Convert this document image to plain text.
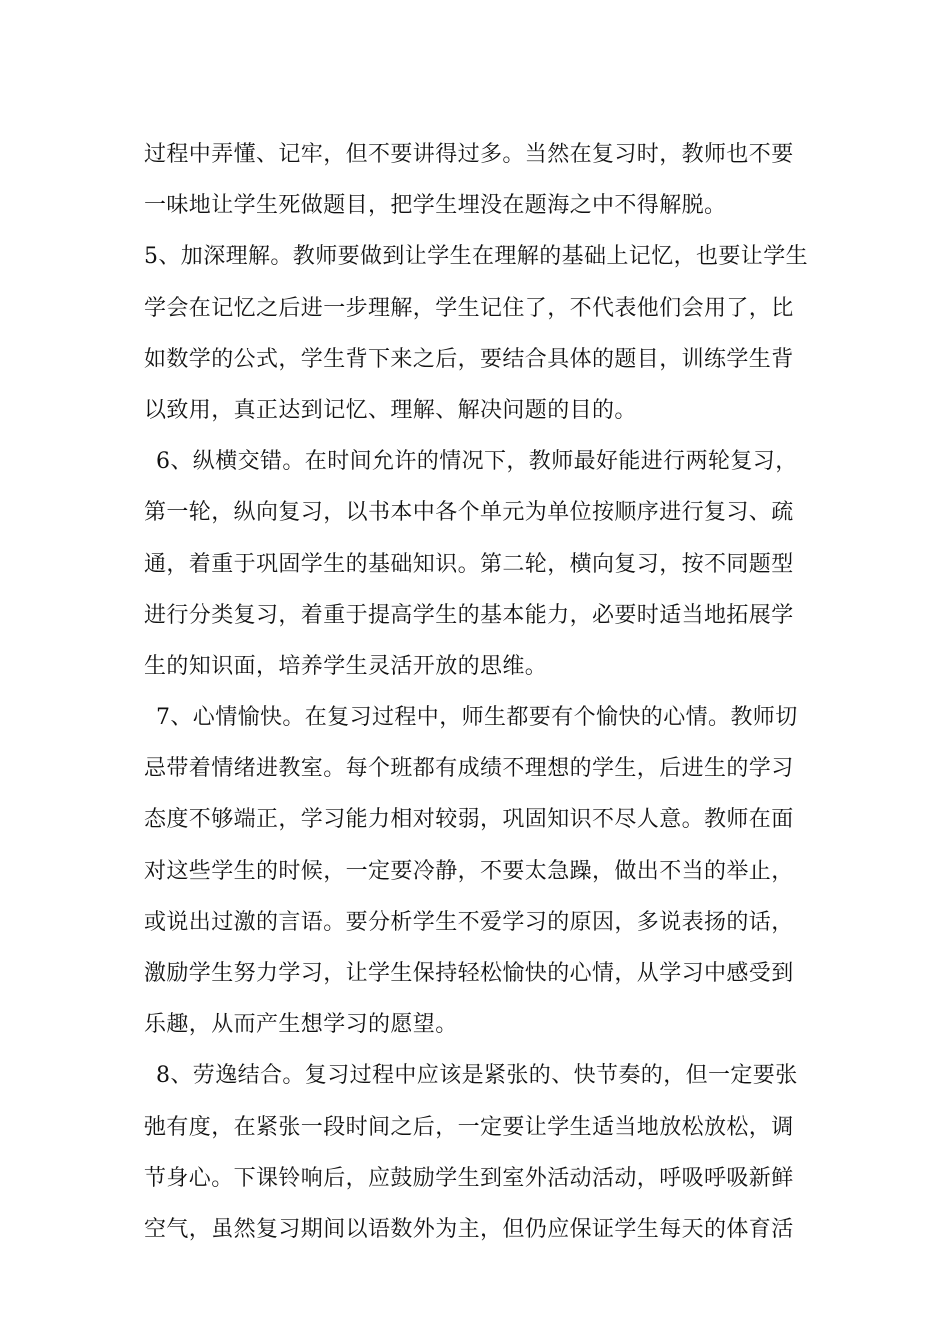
过程中弄懂、记牢，但不要讲得过多。当然在复习时，教师也不要
一味地让学生死做题目，把学生埋没在题海之中不得解脱。
5、加深理解。教师要做到让学生在理解的基础上记忆，也要让学生
学会在记忆之后进一步理解，学生记住了，不代表他们会用了，比
如数学的公式，学生背下来之后，要结合具体的题目，训练学生背
以致用，真正达到记忆、理解、解决问题的目的。
6、纵横交错。在时间允许的情况下，教师最好能进行两轮复习，
第一轮，纵向复习，以书本中各个单元为单位按顺序进行复习、疏
通，着重于巩固学生的基础知识。第二轮，横向复习，按不同题型
进行分类复习，着重于提高学生的基本能力，必要时适当地拓展学
生的知识面，培养学生灵活开放的思维。
7、心情愉快。在复习过程中，师生都要有个愉快的心情。教师切
忌带着情绪进教室。每个班都有成绩不理想的学生，后进生的学习
态度不够端正，学习能力相对较弱，巩固知识不尽人意。教师在面
对这些学生的时候，一定要冷静，不要太急躁，做出不当的举止，
或说出过激的言语。要分析学生不爱学习的原因，多说表扬的话，
激励学生努力学习，让学生保持轻松愉快的心情，从学习中感受到
乐趣，从而产生想学习的愿望。
8、劳逸结合。复习过程中应该是紧张的、快节奏的，但一定要张
弛有度，在紧张一段时间之后，一定要让学生适当地放松放松，调
节身心。下课铃响后，应鼓励学生到室外活动活动，呼吸呼吸新鲜
空气，虽然复习期间以语数外为主，但仍应保证学生每天的体育活
